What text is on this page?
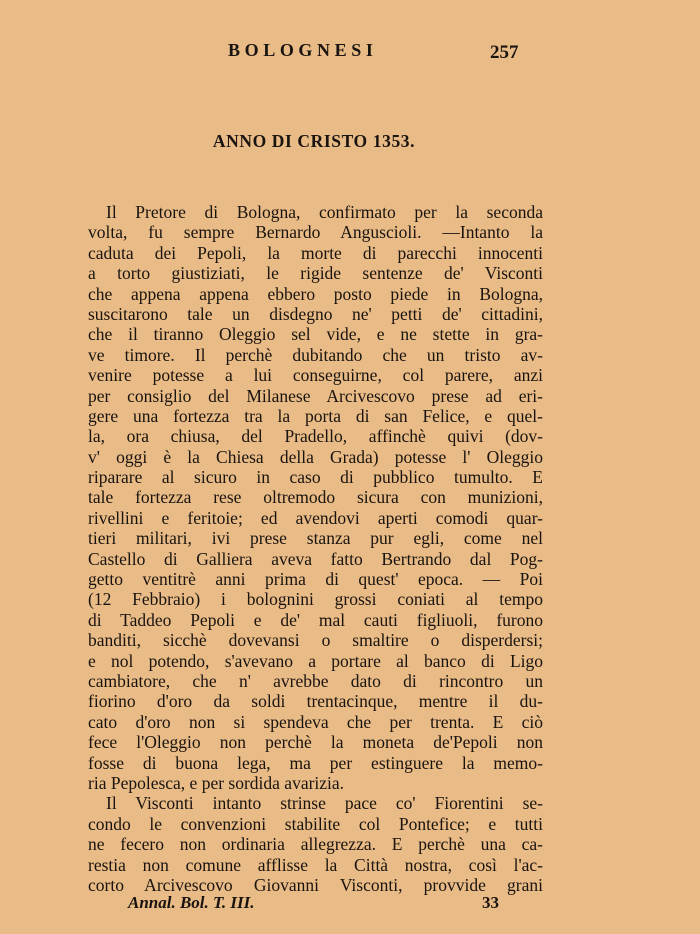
BOLOGNESI	257
ANNO DI CRISTO 1353.
Il Pretore di Bologna, confirmato per la seconda
volta, fu sempre Bernardo Anguscioli. —Intanto la
caduta dei Pepoli, la morte di parecchi innocenti
a torto giustiziati, le rigide sentenze de' Visconti
che appena appena ebbero posto piede in Bologna,
suscitarono tale un disdegno ne' petti de' cittadini,
che il tiranno Oleggio sel vide, e ne stette in gra-
ve timore. Il perchè dubitando che un tristo av-
venire potesse a lui conseguirne, col parere, anzi
per consiglio del Milanese Arcivescovo prese ad eri-
gere una fortezza tra la porta di san Felice, e quel-
la, ora chiusa, del Pradello, affinchè quivi (dov-
v' oggi è la Chiesa della Grada) potesse l' Oleggio
riparare al sicuro in caso di pubblico tumulto. E
tale fortezza rese oltremodo sicura con munizioni,
rivellini e feritoie; ed avendovi aperti comodi quar-
tieri militari, ivi prese stanza pur egli, come nel
Castello di Galliera aveva fatto Bertrando dal Pog-
getto ventitrè anni prima di quest' epoca. — Poi
(12 Febbraio) i bolognini grossi coniati al tempo
di Taddeo Pepoli e de' mal cauti figliuoli, furono
banditi, sicchè dovevansi o smaltire o disperdersi;
e nol potendo, s'avevano a portare al banco di Ligo
cambiatore, che n' avrebbe dato di rincontro un
fiorino d'oro da soldi trentacinque, mentre il du-
cato d'oro non si spendeva che per trenta. E ciò
fece l'Oleggio non perchè la moneta de'Pepoli non
fosse di buona lega, ma per estinguere la memo-
ria Pepolesca, e per sordida avarizia.
Il Visconti intanto strinse pace co' Fiorentini se-
condo le convenzioni stabilite col Pontefice; e tutti
ne fecero non ordinaria allegrezza. E perchè una ca-
restia non comune afflisse la Città nostra, così l'ac-
corto Arcivescovo Giovanni Visconti, provvide grani
Annal. Bol. T. III.	33
